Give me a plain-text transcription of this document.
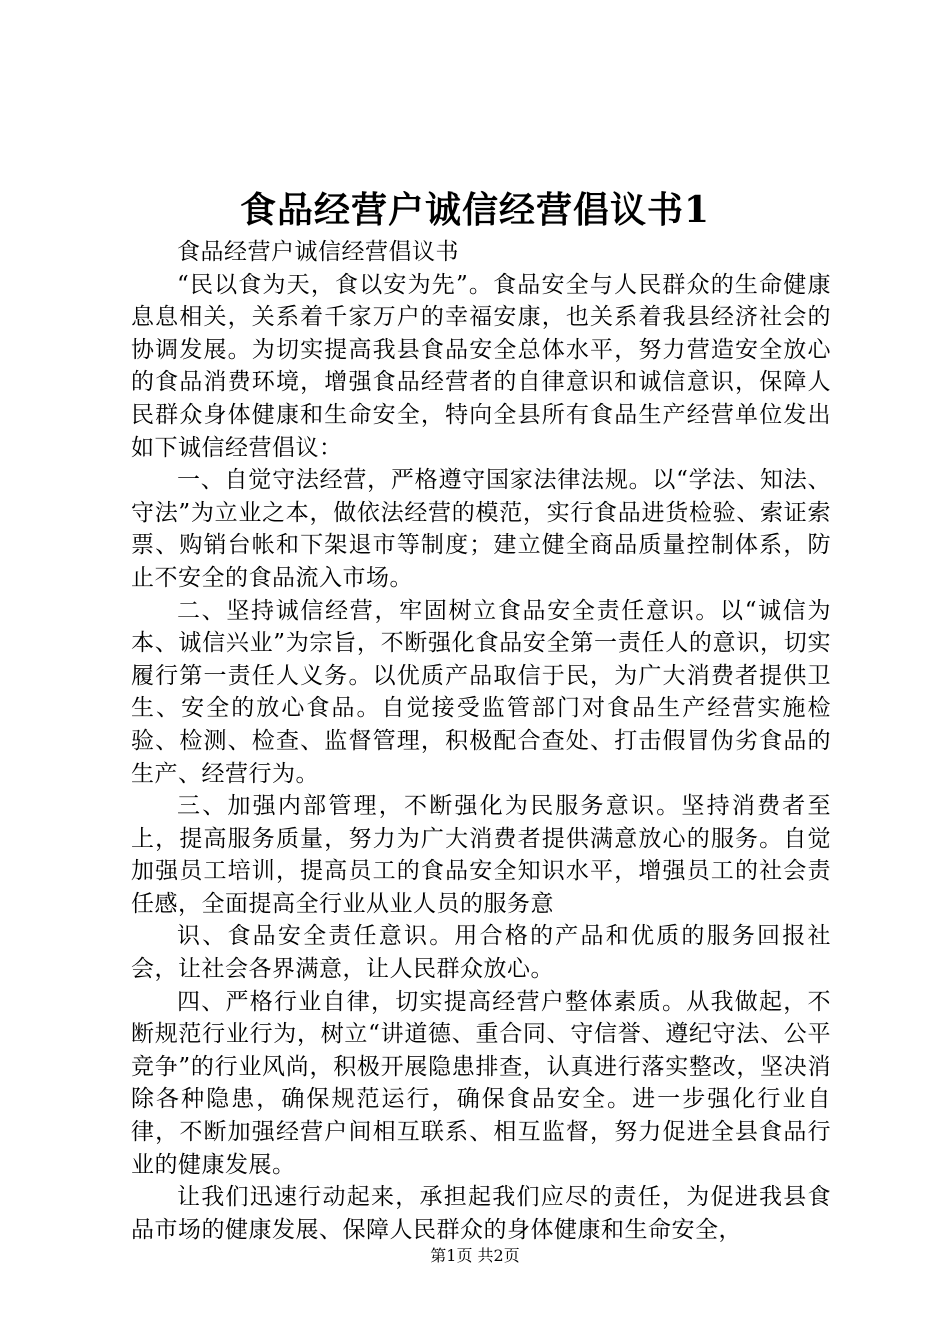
食品经营户诚信经营倡议书1

食品经营户诚信经营倡议书

“民以食为天，食以安为先”。食品安全与人民群众的生命健康息息相关，关系着千家万户的幸福安康，也关系着我县经济社会的协调发展。为切实提高我县食品安全总体水平，努力营造安全放心的食品消费环境，增强食品经营者的自律意识和诚信意识，保障人民群众身体健康和生命安全，特向全县所有食品生产经营单位发出如下诚信经营倡议：

一、自觉守法经营，严格遵守国家法律法规。以“学法、知法、守法”为立业之本，做依法经营的模范，实行食品进货检验、索证索票、购销台帐和下架退市等制度；建立健全商品质量控制体系，防止不安全的食品流入市场。

二、坚持诚信经营，牢固树立食品安全责任意识。以“诚信为本、诚信兴业”为宗旨，不断强化食品安全第一责任人的意识，切实履行第一责任人义务。以优质产品取信于民，为广大消费者提供卫生、安全的放心食品。自觉接受监管部门对食品生产经营实施检验、检测、检查、监督管理，积极配合查处、打击假冒伪劣食品的生产、经营行为。

三、加强内部管理，不断强化为民服务意识。坚持消费者至上，提高服务质量，努力为广大消费者提供满意放心的服务。自觉加强员工培训，提高员工的食品安全知识水平，增强员工的社会责任感，全面提高全行业从业人员的服务意

识、食品安全责任意识。用合格的产品和优质的服务回报社会，让社会各界满意，让人民群众放心。

四、严格行业自律，切实提高经营户整体素质。从我做起，不断规范行业行为，树立“讲道德、重合同、守信誉、遵纪守法、公平竞争”的行业风尚，积极开展隐患排查，认真进行落实整改，坚决消除各种隐患，确保规范运行，确保食品安全。进一步强化行业自律，不断加强经营户间相互联系、相互监督，努力促进全县食品行业的健康发展。

让我们迅速行动起来，承担起我们应尽的责任，为促进我县食品市场的健康发展、保障人民群众的身体健康和生命安全，

第1页 共2页
